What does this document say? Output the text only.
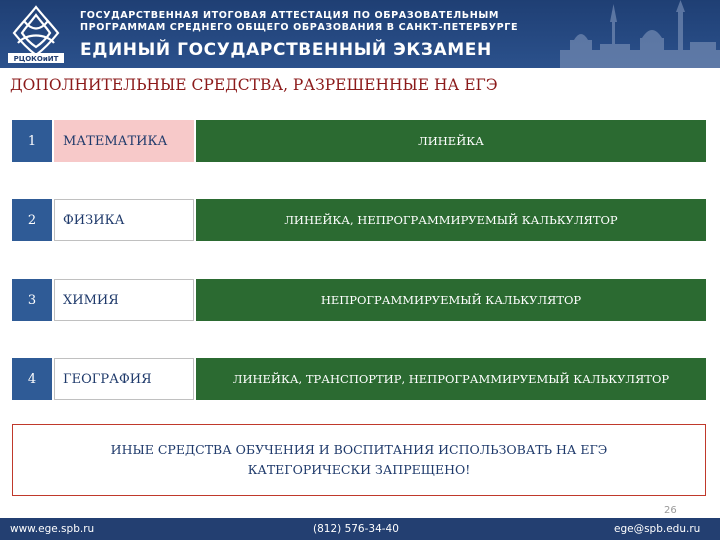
РЦОКОиИТ
ГОСУДАРСТВЕННАЯ ИТОГОВАЯ АТТЕСТАЦИЯ ПО ОБРАЗОВАТЕЛЬНЫМ
ПРОГРАММАМ СРЕДНЕГО ОБЩЕГО ОБРАЗОВАНИЯ В САНКТ-ПЕТЕРБУРГЕ
ЕДИНЫЙ ГОСУДАРСТВЕННЫЙ ЭКЗАМЕН
ДОПОЛНИТЕЛЬНЫЕ СРЕДСТВА, РАЗРЕШЕННЫЕ НА ЕГЭ
1	МАТЕМАТИКА	ЛИНЕЙКА
2	ФИЗИКА	ЛИНЕЙКА, НЕПРОГРАММИРУЕМЫЙ КАЛЬКУЛЯТОР
3	ХИМИЯ	НЕПРОГРАММИРУЕМЫЙ КАЛЬКУЛЯТОР
4	ГЕОГРАФИЯ	ЛИНЕЙКА, ТРАНСПОРТИР, НЕПРОГРАММИРУЕМЫЙ КАЛЬКУЛЯТОР
ИНЫЕ СРЕДСТВА ОБУЧЕНИЯ И ВОСПИТАНИЯ ИСПОЛЬЗОВАТЬ НА ЕГЭ
КАТЕГОРИЧЕСКИ ЗАПРЕЩЕНО!
26
www.ege.spb.ru	(812) 576-34-40	ege@spb.edu.ru
